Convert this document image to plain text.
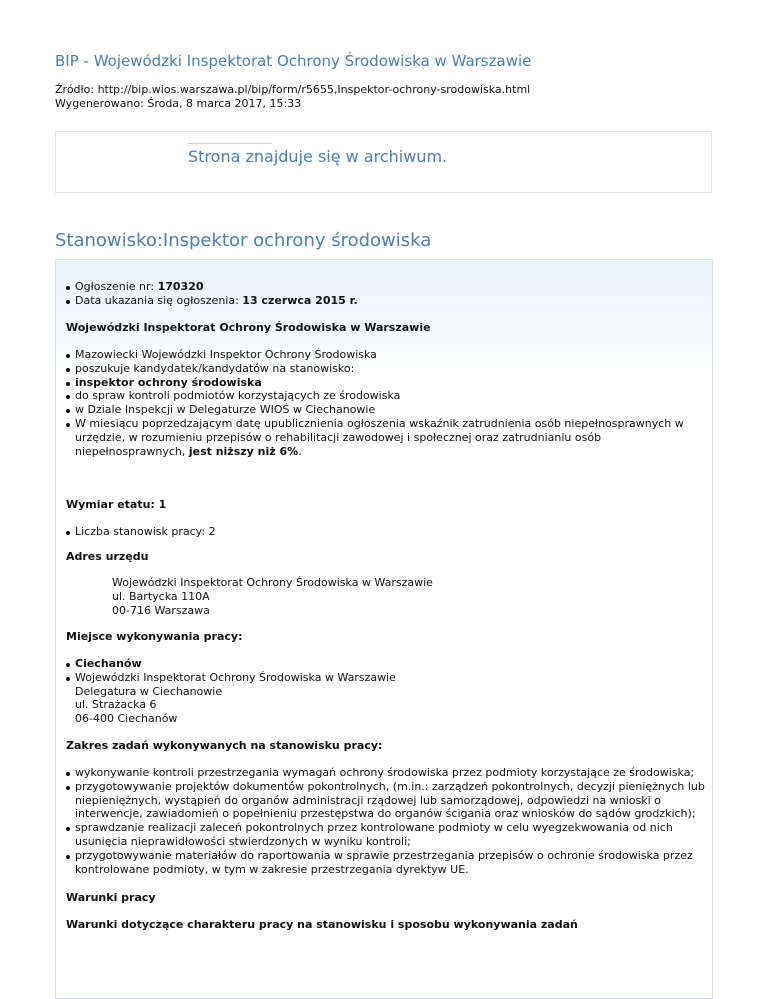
BIP - Wojewódzki Inspektorat Ochrony Środowiska w Warszawie
Źródło: http://bip.wios.warszawa.pl/bip/form/r5655,Inspektor-ochrony-srodowiska.html
Wygenerowano: Środa, 8 marca 2017, 15:33
Strona znajduje się w archiwum.
Stanowisko:Inspektor ochrony środowiska
Ogłoszenie nr: 170320
Data ukazania się ogłoszenia: 13 czerwca 2015 r.
Wojewódzki Inspektorat Ochrony Środowiska w Warszawie
Mazowiecki Wojewódzki Inspektor Ochrony Środowiska
poszukuje kandydatek/kandydatów na stanowisko:
inspektor ochrony środowiska
do spraw kontroli podmiotów korzystających ze środowiska
w Dziale Inspekcji w Delegaturze WIOŚ w Ciechanowie
W miesiącu poprzedzającym datę upublicznienia ogłoszenia wskaźnik zatrudnienia osób niepełnosprawnych w urzędzie, w rozumieniu przepisów o rehabilitacji zawodowej i społecznej oraz zatrudnianiu osób niepełnosprawnych, jest niższy niż 6%.
Wymiar etatu: 1
Liczba stanowisk pracy: 2
Adres urzędu
Wojewódzki Inspektorat Ochrony Środowiska w Warszawie
ul. Bartycka 110A
00-716 Warszawa
Miejsce wykonywania pracy:
Ciechanów
Wojewódzki Inspektorat Ochrony Środowiska w Warszawie
Delegatura w Ciechanowie
ul. Strażacka 6
06-400 Ciechanów
Zakres zadań wykonywanych na stanowisku pracy:
wykonywanie kontroli przestrzegania wymagań ochrony środowiska przez podmioty korzystające ze środowiska;
przygotowywanie projektów dokumentów pokontrolnych, (m.in.: zarządzeń pokontrolnych, decyzji pieniężnych lub niepieniężnych, wystąpień do organów administracji rządowej lub samorządowej, odpowiedzi na wnioski o interwencje, zawiadomień o popełnieniu przestępstwa do organów ścigania oraz wniosków do sądów grodzkich);
sprawdzanie realizacji zaleceń pokontrolnych przez kontrolowane podmioty w celu wyegzekwowania od nich usunięcia nieprawidłowości stwierdzonych w wyniku kontroli;
przygotowywanie materiałów do raportowania w sprawie przestrzegania przepisów o ochronie środowiska przez kontrolowane podmioty, w tym w zakresie przestrzegania dyrektyw UE.
Warunki pracy
Warunki dotyczące charakteru pracy na stanowisku i sposobu wykonywania zadań
